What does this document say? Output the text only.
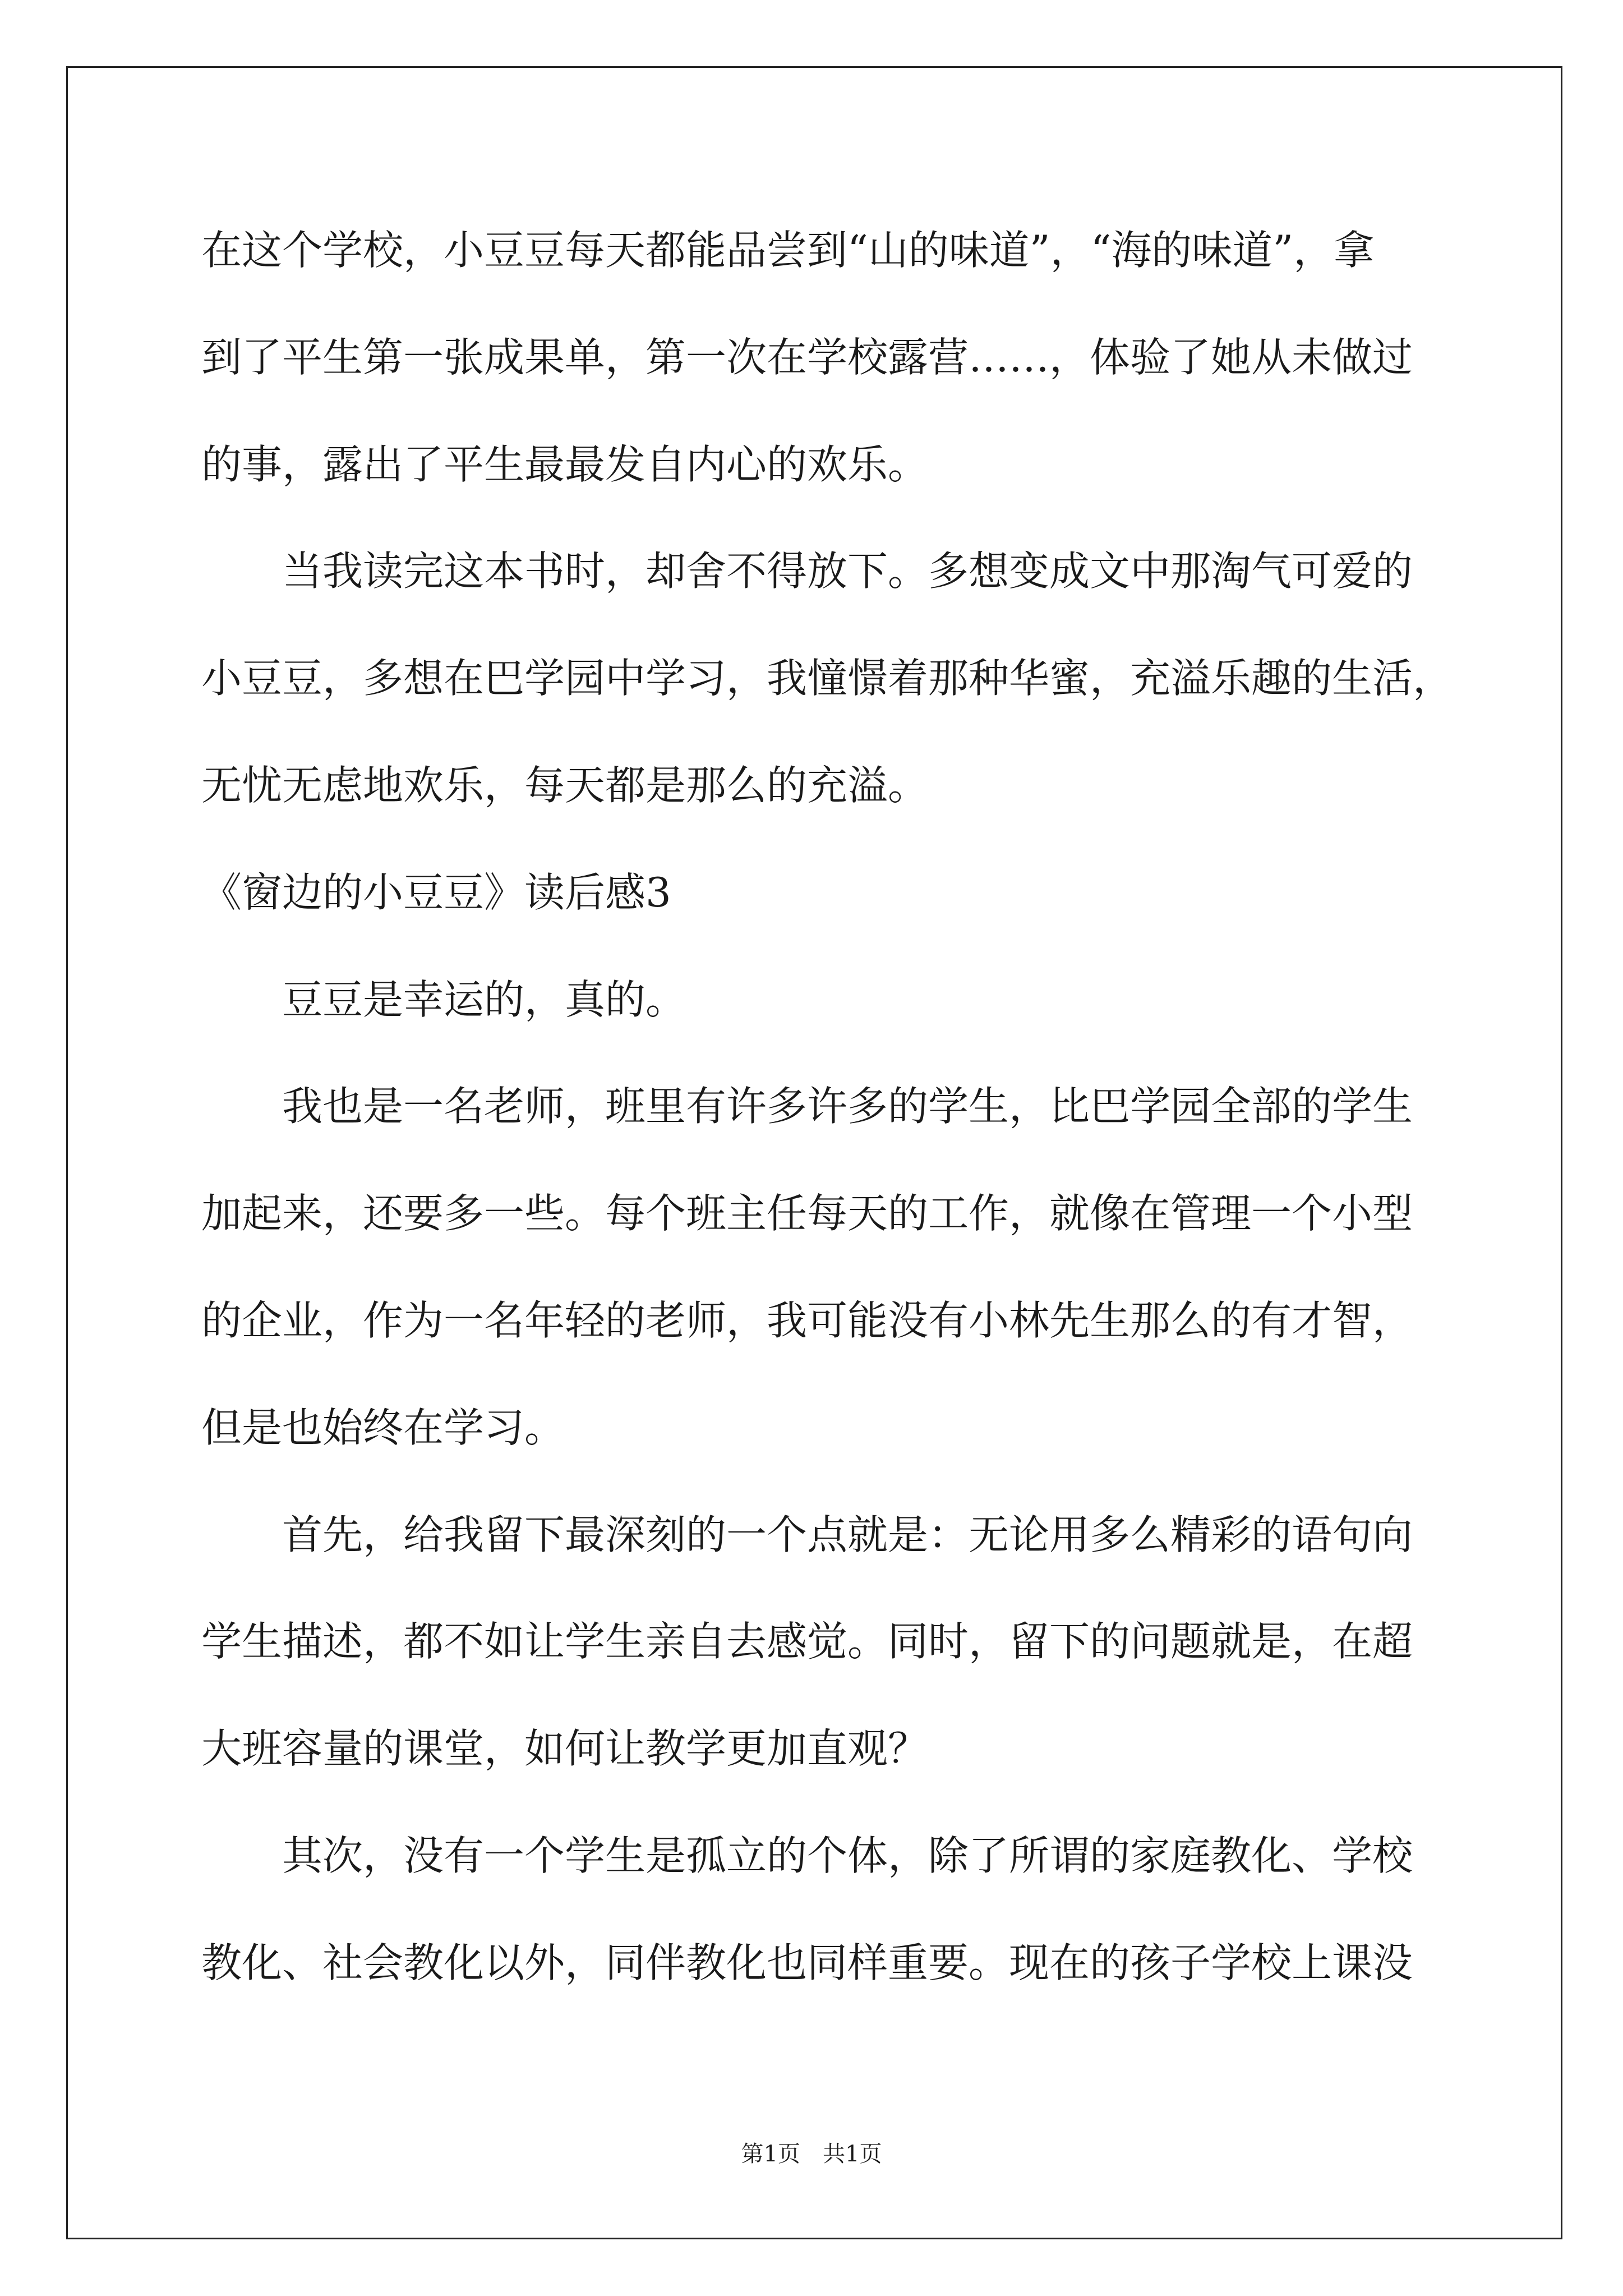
在这个学校，小豆豆每天都能品尝到“山的味道”，“海的味道”，拿
到了平生第一张成果单，第一次在学校露营……，体验了她从未做过
的事，露出了平生最最发自内心的欢乐。
当我读完这本书时，却舍不得放下。多想变成文中那淘气可爱的
小豆豆，多想在巴学园中学习，我憧憬着那种华蜜，充溢乐趣的生活，
无忧无虑地欢乐，每天都是那么的充溢。
《窗边的小豆豆》读后感3
豆豆是幸运的，真的。
我也是一名老师，班里有许多许多的学生，比巴学园全部的学生
加起来，还要多一些。每个班主任每天的工作，就像在管理一个小型
的企业，作为一名年轻的老师，我可能没有小林先生那么的有才智，
但是也始终在学习。
首先，给我留下最深刻的一个点就是：无论用多么精彩的语句向
学生描述，都不如让学生亲自去感觉。同时，留下的问题就是，在超
大班容量的课堂，如何让教学更加直观？
其次，没有一个学生是孤立的个体，除了所谓的家庭教化、学校
教化、社会教化以外，同伴教化也同样重要。现在的孩子学校上课没
第1页　共1页
